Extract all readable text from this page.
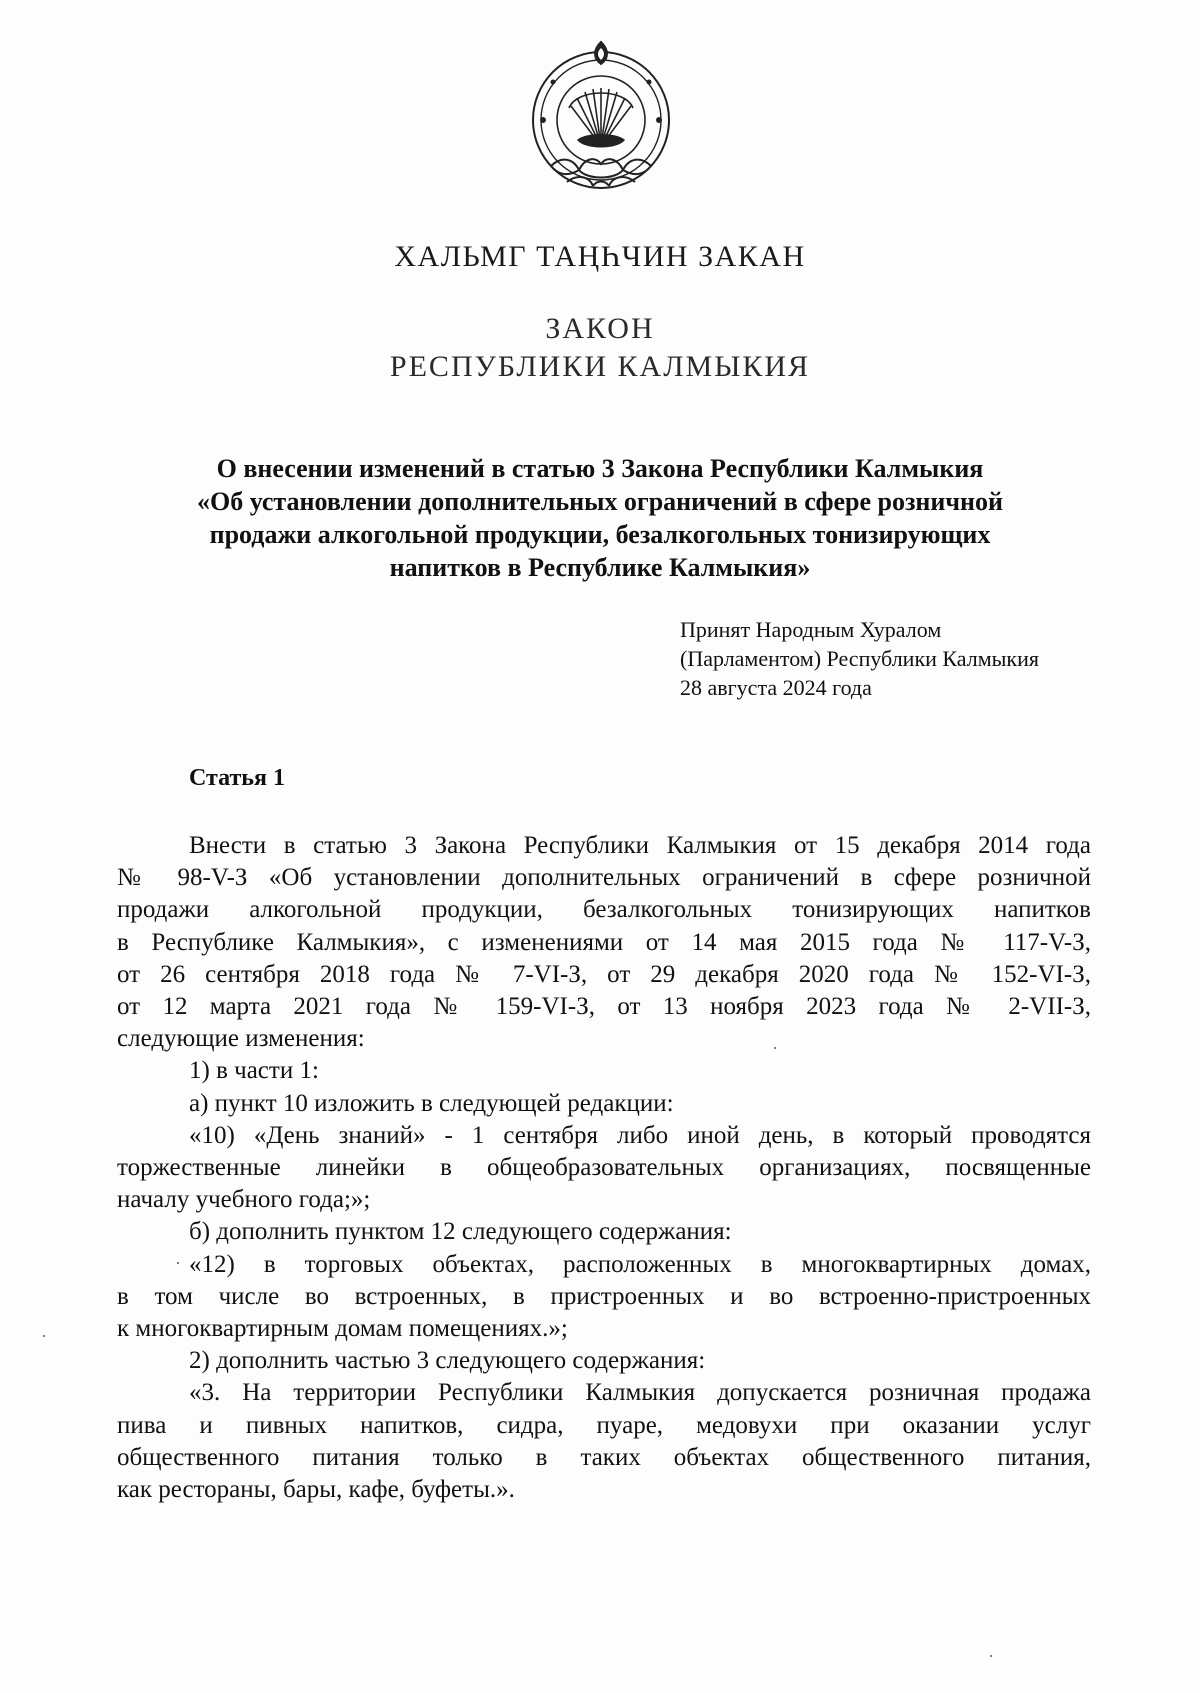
ХАЛЬМГ ТАҢҺЧИН ЗАКАН
ЗАКОН
РЕСПУБЛИКИ КАЛМЫКИЯ
О внесении изменений в статью 3 Закона Республики Калмыкия
«Об установлении дополнительных ограничений в сфере розничной
продажи алкогольной продукции, безалкогольных тонизирующих
напитков в Республике Калмыкия»
Принят Народным Хуралом
(Парламентом) Республики Калмыкия
28 августа 2024 года
Статья 1
Внести в статью 3 Закона Республики Калмыкия от 15 декабря 2014 года
№ 98-V-З «Об установлении дополнительных ограничений в сфере розничной
продажи алкогольной продукции, безалкогольных тонизирующих напитков
в Республике Калмыкия», с изменениями от 14 мая 2015 года № 117-V-З,
от 26 сентября 2018 года № 7-VI-З, от 29 декабря 2020 года № 152-VI-З,
от 12 марта 2021 года № 159-VI-З, от 13 ноября 2023 года № 2-VII-З,
следующие изменения:
1) в части 1:
а) пункт 10 изложить в следующей редакции:
«10) «День знаний» - 1 сентября либо иной день, в который проводятся
торжественные линейки в общеобразовательных организациях, посвященные
началу учебного года;»;
б) дополнить пунктом 12 следующего содержания:
«12) в торговых объектах, расположенных в многоквартирных домах,
в том числе во встроенных, в пристроенных и во встроенно-пристроенных
к многоквартирным домам помещениях.»;
2) дополнить частью 3 следующего содержания:
«3. На территории Республики Калмыкия допускается розничная продажа
пива и пивных напитков, сидра, пуаре, медовухи при оказании услуг
общественного питания только в таких объектах общественного питания,
как рестораны, бары, кафе, буфеты.».
